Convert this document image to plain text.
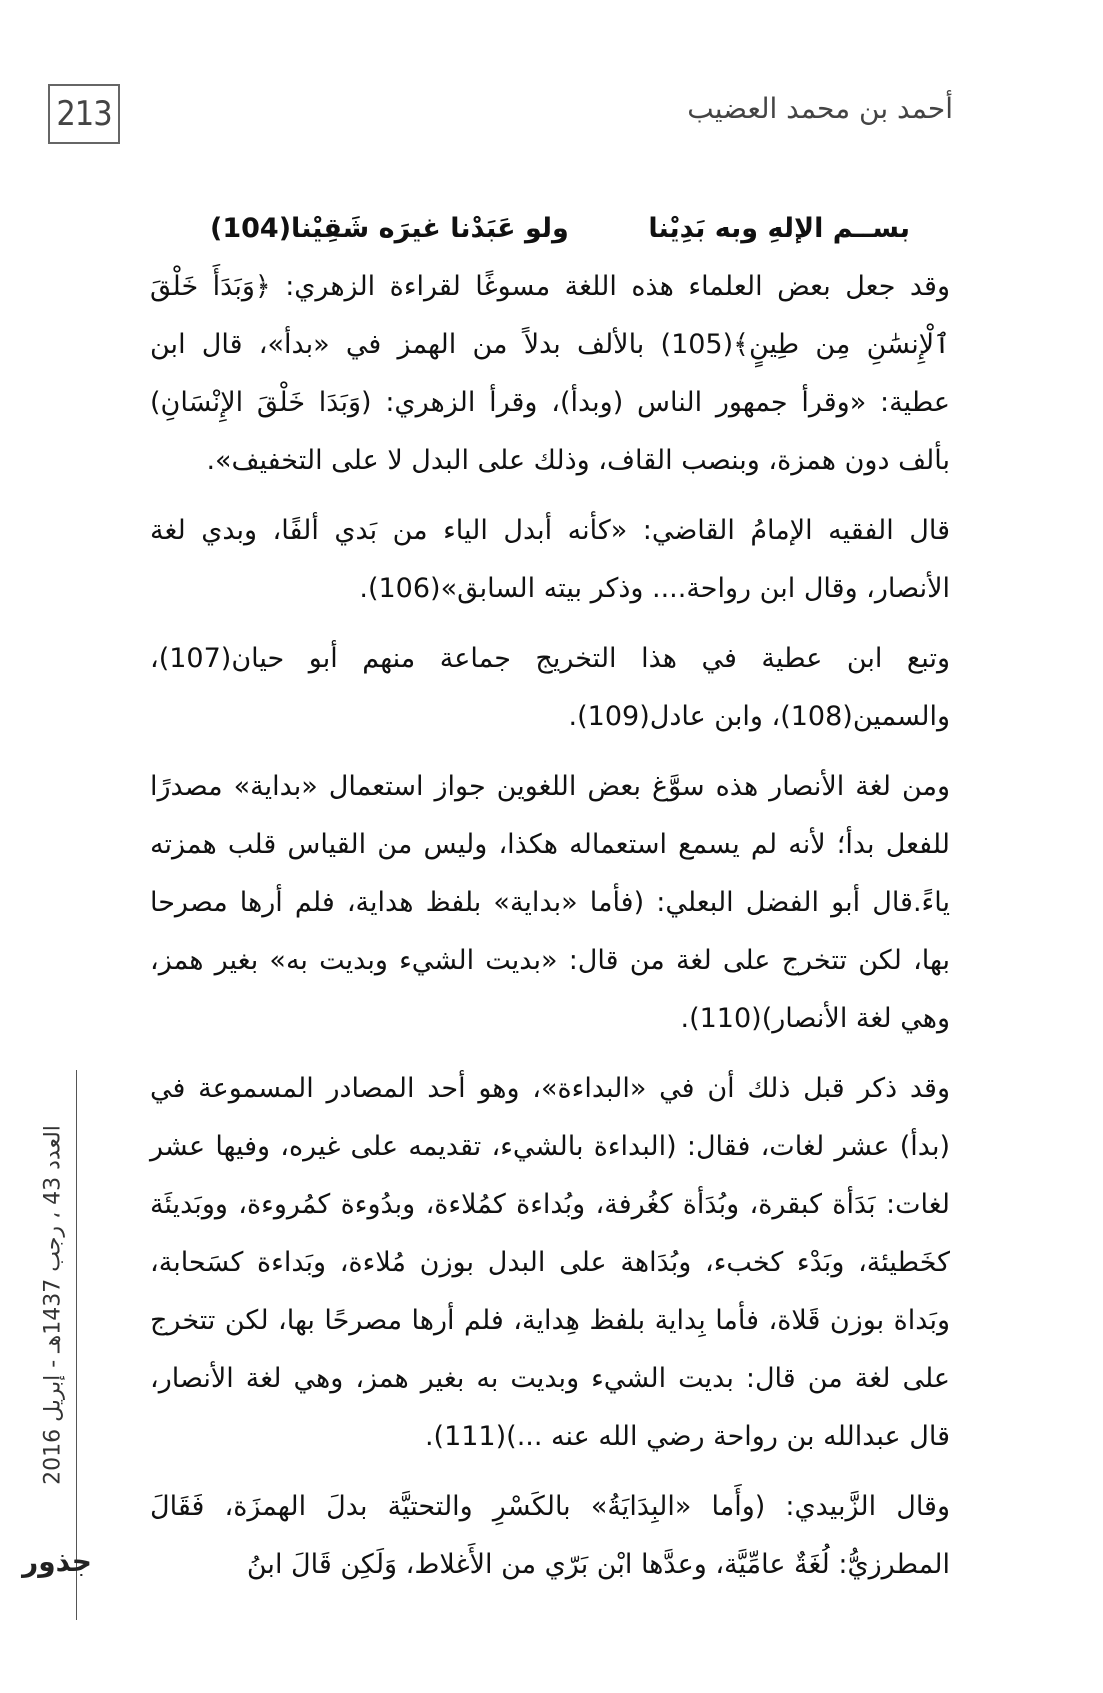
213	أحمد بن محمد العضيب
العدد 43 ، رجب 1437هـ - إبريل 2016
جذور
بســم الإلهِ وبه بَدِيْنا
ولو عَبَدْنا غيرَه شَقِيْنا(104)

وقد جعل بعض العلماء هذه اللغة مسوغًا لقراءة الزهري: ﴿وَبَدَأَ خَلْقَ ٱلْإِنسَٰنِ مِن طِينٍ﴾(105) بالألف بدلاً من الهمز في «بدأ»، قال ابن عطية: «وقرأ جمهور الناس (وبدأ)، وقرأ الزهري: (وَبَدَا خَلْقَ الإِنْسَانِ) بألف دون همزة، وبنصب القاف، وذلك على البدل لا على التخفيف».

قال الفقيه الإمامُ القاضي: «كأنه أبدل الياء من بَدي ألفًا، وبدي لغة الأنصار، وقال ابن رواحة.... وذكر بيته السابق»(106).

وتبع ابن عطية في هذا التخريج جماعة منهم أبو حيان(107)، والسمين(108)، وابن عادل(109).

ومن لغة الأنصار هذه سوَّغ بعض اللغوين جواز استعمال «بداية» مصدرًا للفعل بدأ؛ لأنه لم يسمع استعماله هكذا، وليس من القياس قلب همزته ياءً.قال أبو الفضل البعلي: (فأما «بداية» بلفظ هداية، فلم أرها مصرحا بها، لكن تتخرج على لغة من قال: «بديت الشيء وبديت به» بغير همز، وهي لغة الأنصار)(110).

وقد ذكر قبل ذلك أن في «البداءة»، وهو أحد المصادر المسموعة في (بدأ) عشر لغات، فقال: (البداءة بالشيء، تقديمه على غيره، وفيها عشر لغات: بَدَأة كبقرة، وبُدَأة كغُرفة، وبُداءة كمُلاءة، وبدُوءة كمُروءة، ووبَديئَة كخَطيئة، وبَدْء كخبء، وبُدَاهة على البدل بوزن مُلاءة، وبَداءة كسَحابة، وبَداة بوزن قَلاة، فأما بِداية بلفظ هِداية، فلم أرها مصرحًا بها، لكن تتخرج على لغة من قال: بديت الشيء وبديت به بغير همز، وهي لغة الأنصار، قال عبدالله بن رواحة رضي الله عنه ...)(111).

وقال الزَّبيدي: (وأَما «البِدَايَةُ» بالكَسْرِ والتحتيَّة بدلَ الهمزَة، فَقَالَ المطرزيُّ: لُغَةٌ عامِّيَّة، وعدَّها ابْن بَرّي من الأَغلاط، وَلَكِن قَالَ ابنُ
